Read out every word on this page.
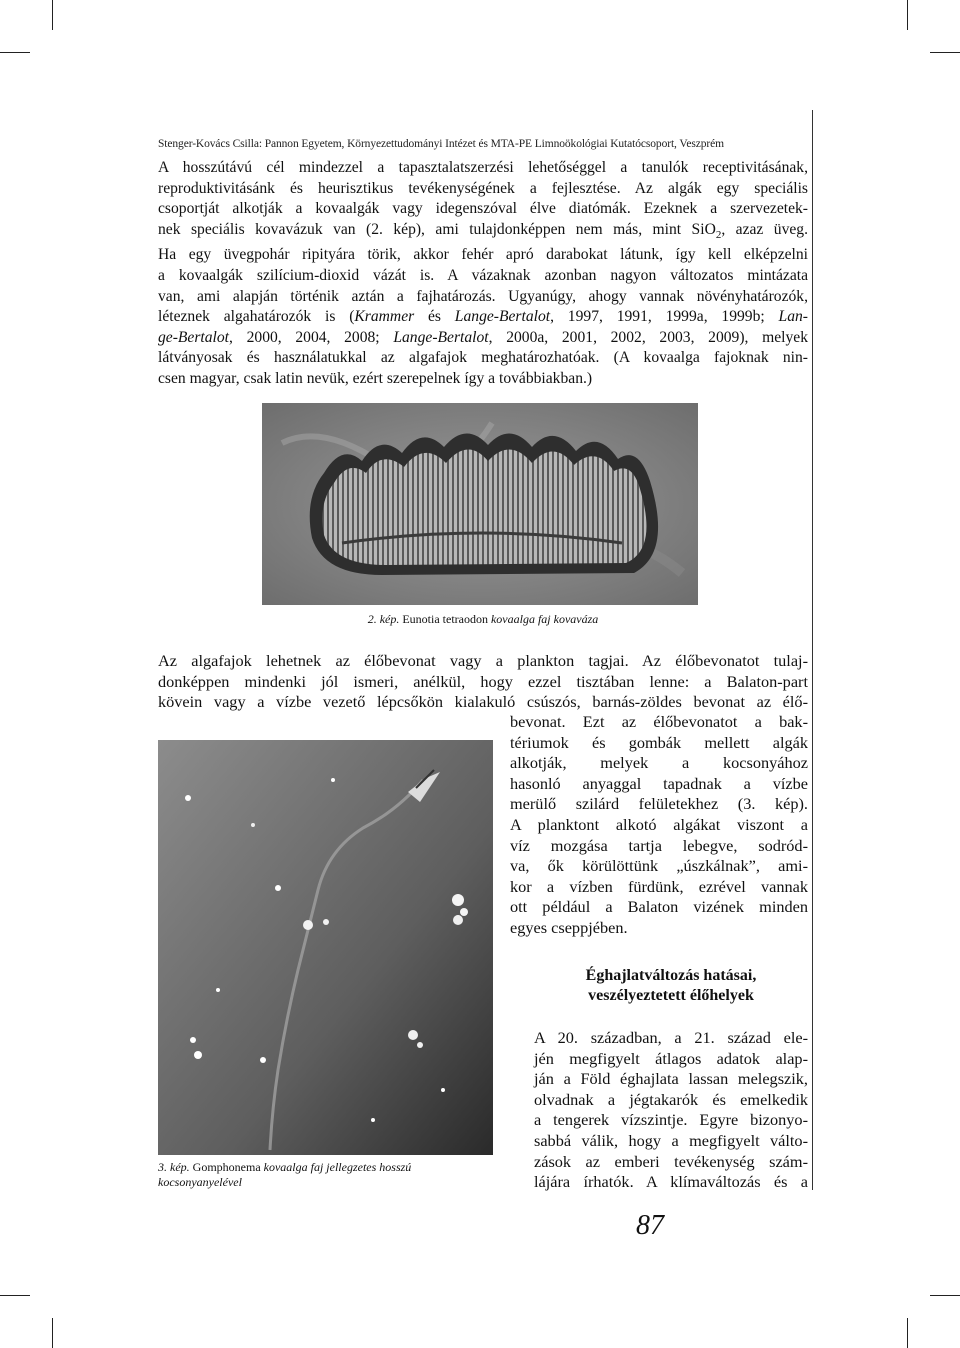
Stenger-Kovács Csilla: Pannon Egyetem, Környezettudományi Intézet és MTA-PE Limnoökológiai Kutatócsoport, Veszprém
A hosszútávú cél mindezzel a tapasztalatszerzési lehetőséggel a tanulók receptivitásának,
reproduktivitásánk és heurisztikus tevékenységének a fejlesztése. Az algák egy speciális
csoportját alkotják a kovaalgák vagy idegenszóval élve diatómák. Ezeknek a szervezetek-
nek speciális kovavázuk van (2. kép), ami tulajdonképpen nem más, mint SiO$_2$, azaz üveg.
Ha egy üvegpohár ripityára törik, akkor fehér apró darabokat látunk, így kell elképzelni
a kovaalgák szilícium-dioxid vázát is. A vázaknak azonban nagyon változatos mintázata
van, ami alapján történik aztán a fajhatározás. Ugyanúgy, ahogy vannak növényhatározók,
léteznek algahatározók is (Krammer és Lange-Bertalot, 1997, 1991, 1999a, 1999b; Lan-
ge-Bertalot, 2000, 2004, 2008; Lange-Bertalot, 2000a, 2001, 2002, 2003, 2009), melyek
látványosak és használatukkal az algafajok meghatározhatóak. (A kovaalga fajoknak nin-
csen magyar, csak latin nevük, ezért szerepelnek így a továbbiakban.)
2. kép. Eunotia tetraodon kovaalga faj kovaváza
Az algafajok lehetnek az élőbevonat vagy a plankton tagjai. Az élőbevonatot tulaj-
donképpen mindenki jól ismeri, anélkül, hogy ezzel tisztában lenne: a Balaton-part
kövein vagy a vízbe vezető lépcsőkön kialakuló csúszós, barnás-zöldes bevonat az élő-
3. kép. Gomphonema kovaalga faj jellegzetes hosszú
kocsonyanyelével
bevonat. Ezt az élőbevonatot a bak-
tériumok és gombák mellett algák
alkotják, melyek a kocsonyához
hasonló anyaggal tapadnak a vízbe
merülő szilárd felületekhez (3. kép).
A planktont alkotó algákat viszont a
víz mozgása tartja lebegve, sodród-
va, ők körülöttünk „úszkálnak”, ami-
kor a vízben fürdünk, ezrével vannak
ott például a Balaton vizének minden
egyes cseppjében.
Éghajlatváltozás hatásai,
veszélyeztetett élőhelyek
A 20. században, a 21. század ele-
jén megfigyelt átlagos adatok alap-
ján a Föld éghajlata lassan melegszik,
olvadnak a jégtakarók és emelkedik
a tengerek vízszintje. Egyre bizonyo-
sabbá válik, hogy a megfigyelt válto-
zások az emberi tevékenység szám-
lájára írhatók. A klímaváltozás és a
87
